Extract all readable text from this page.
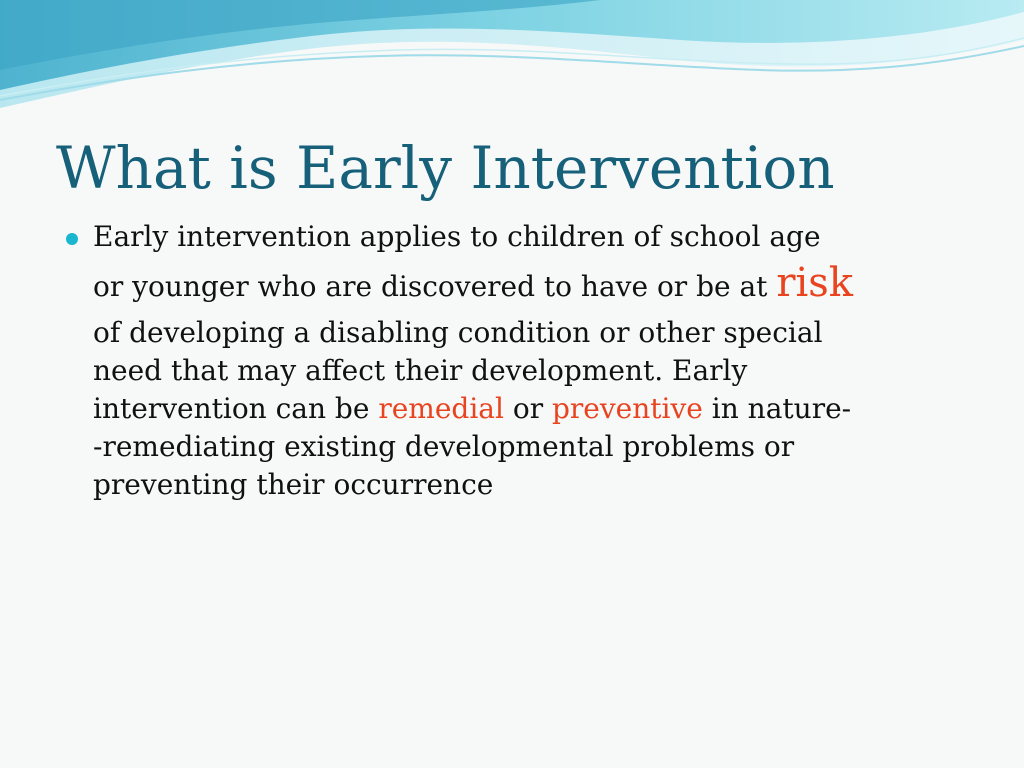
What is Early Intervention
Early intervention applies to children of school age
or younger who are discovered to have or be at risk
of developing a disabling condition or other special
need that may affect their development. Early
intervention can be remedial or preventive in nature-
-remediating existing developmental problems or
preventing their occurrence
